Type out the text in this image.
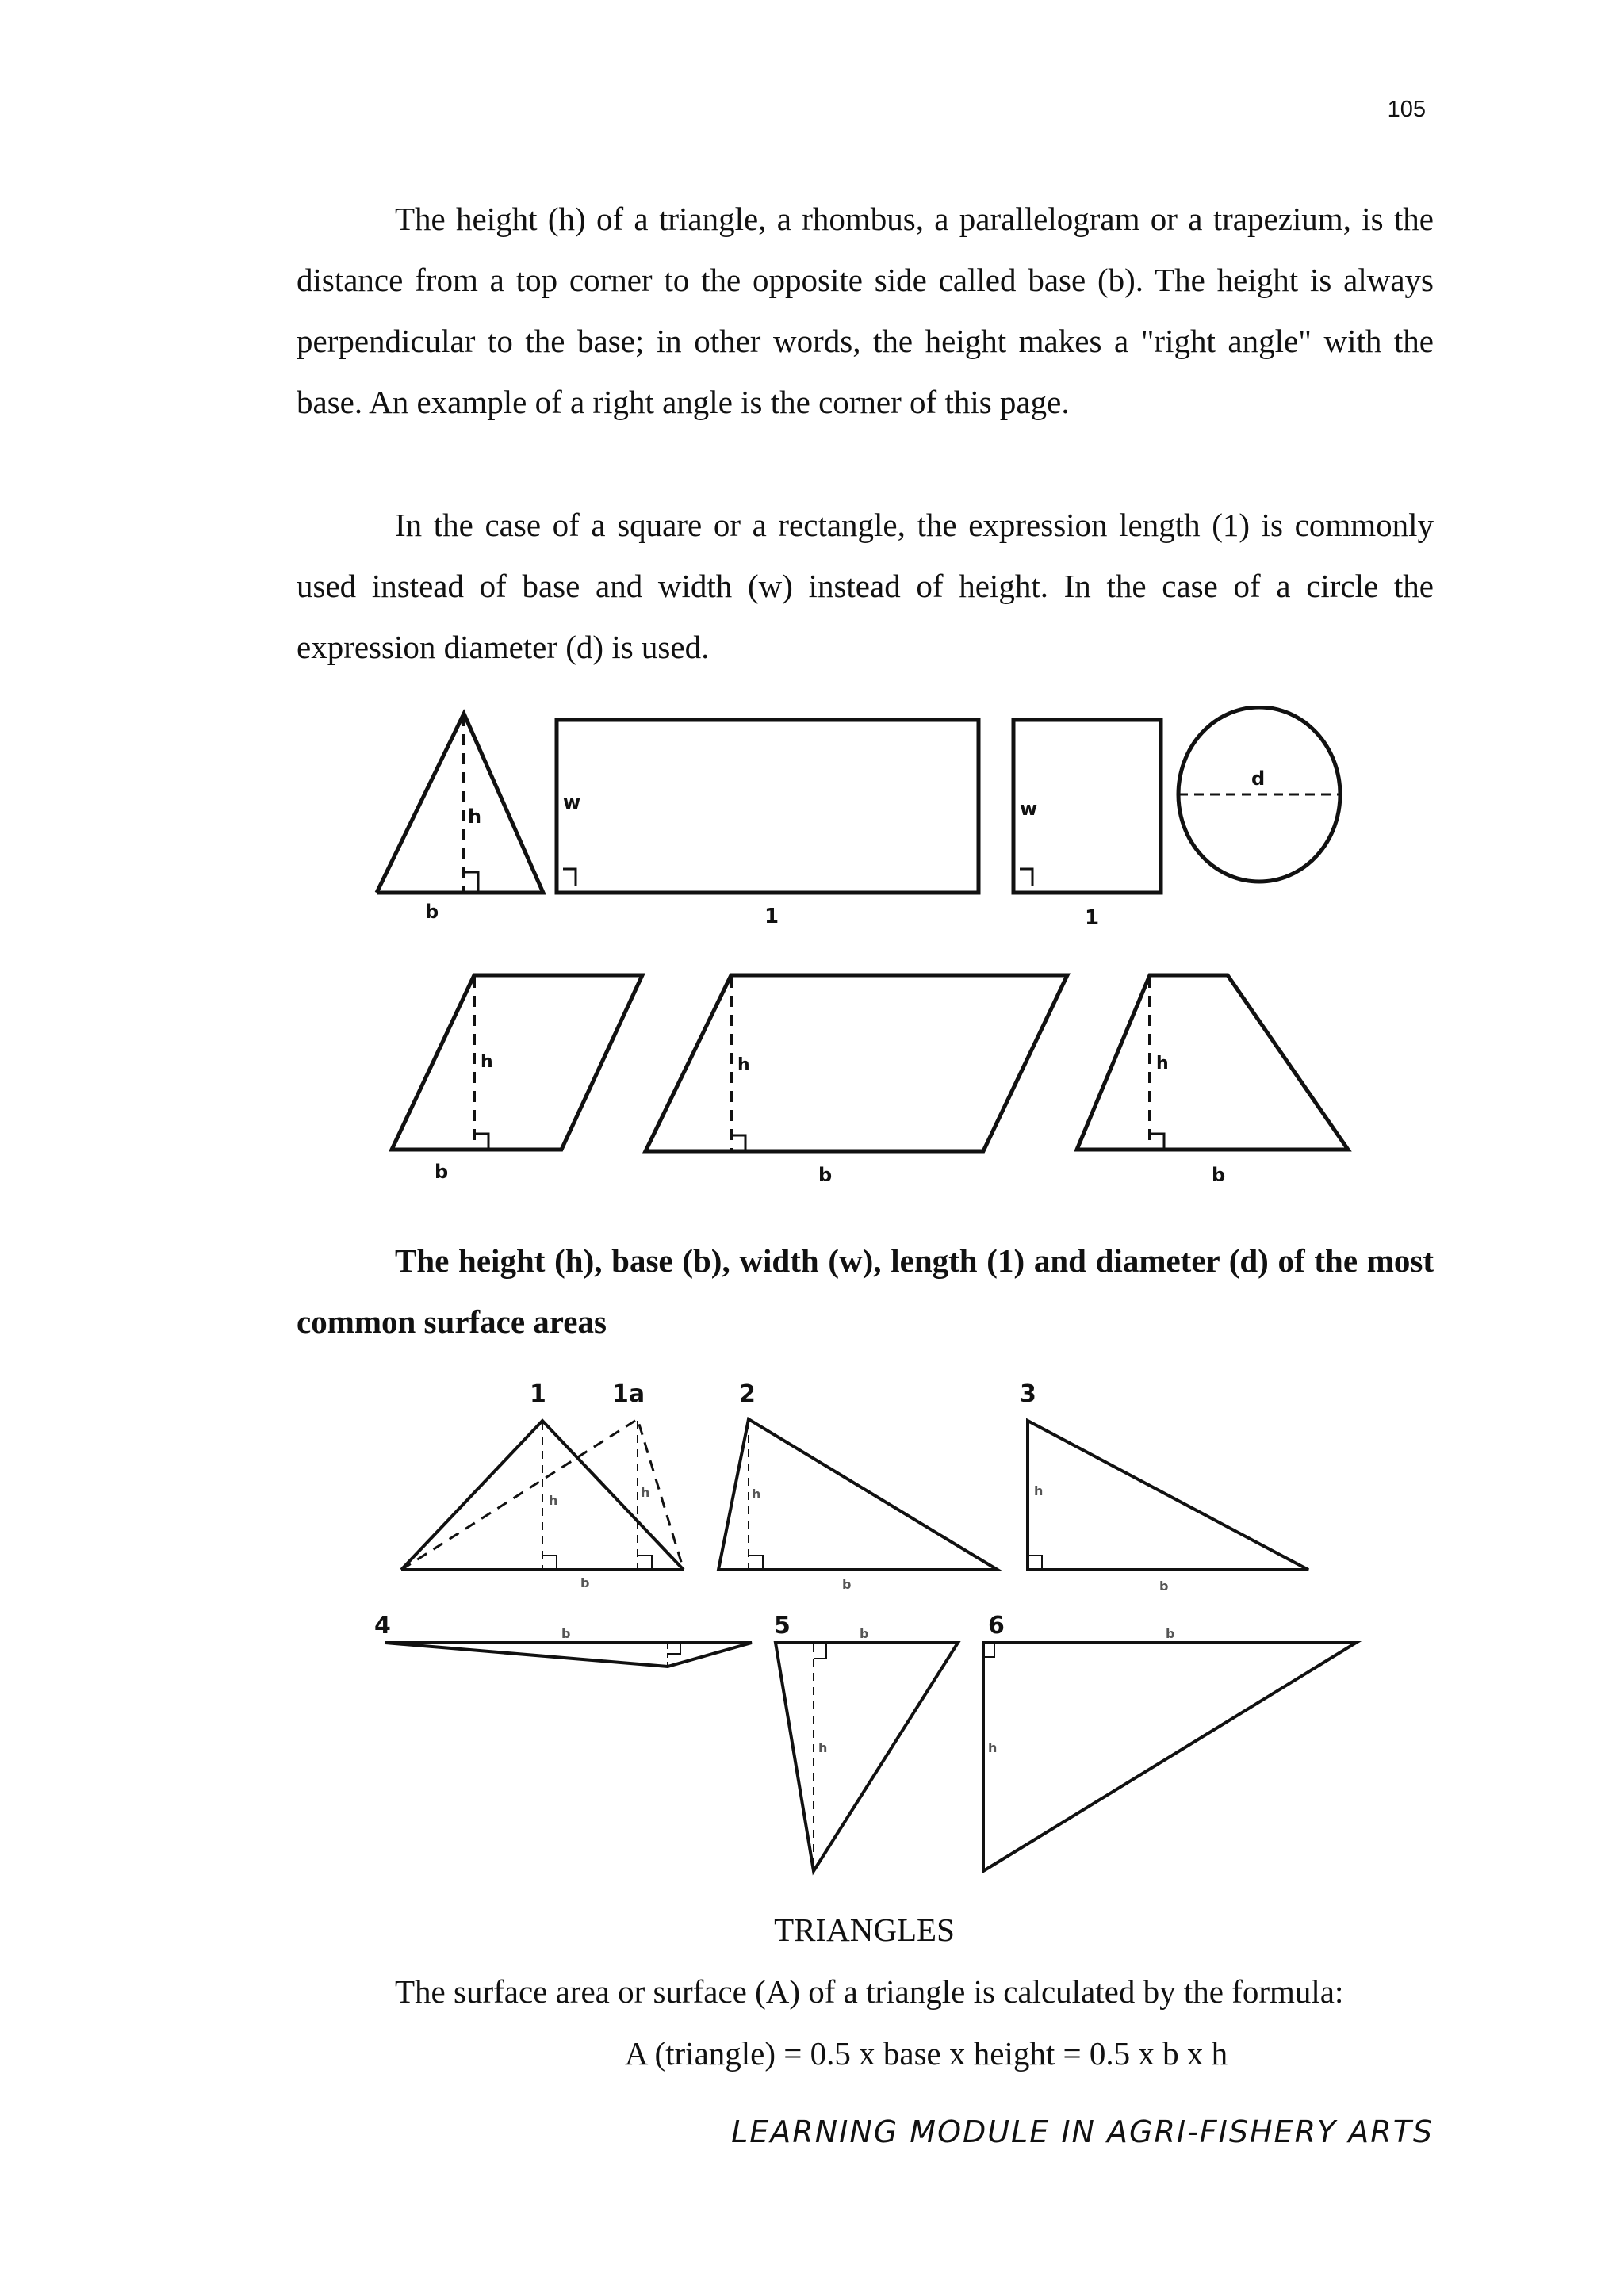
105

The height (h) of a triangle, a rhombus, a parallelogram or a trapezium, is the distance from a top corner to the opposite side called base (b). The height is always perpendicular to the base; in other words, the height makes a "right angle" with the base. An example of a right angle is the corner of this page.

In the case of a square or a rectangle, the expression length (1) is commonly used instead of base and width (w) instead of height. In the case of a circle the expression diameter (d) is used.

h
b
w
1
w
1
d
h
b
h
b
h
b

The height (h), base (b), width (w), length (1) and diameter (d) of the most common surface areas

1	1a
h
h
b
2
h
b
3
h
b
4	b	5
h
b	6
h
b
TRIANGLES
The surface area or surface (A) of a triangle is calculated by the formula:
A (triangle) = 0.5 x base x height = 0.5 x b x h
LEARNING MODULE IN AGRI-FISHERY ARTS
